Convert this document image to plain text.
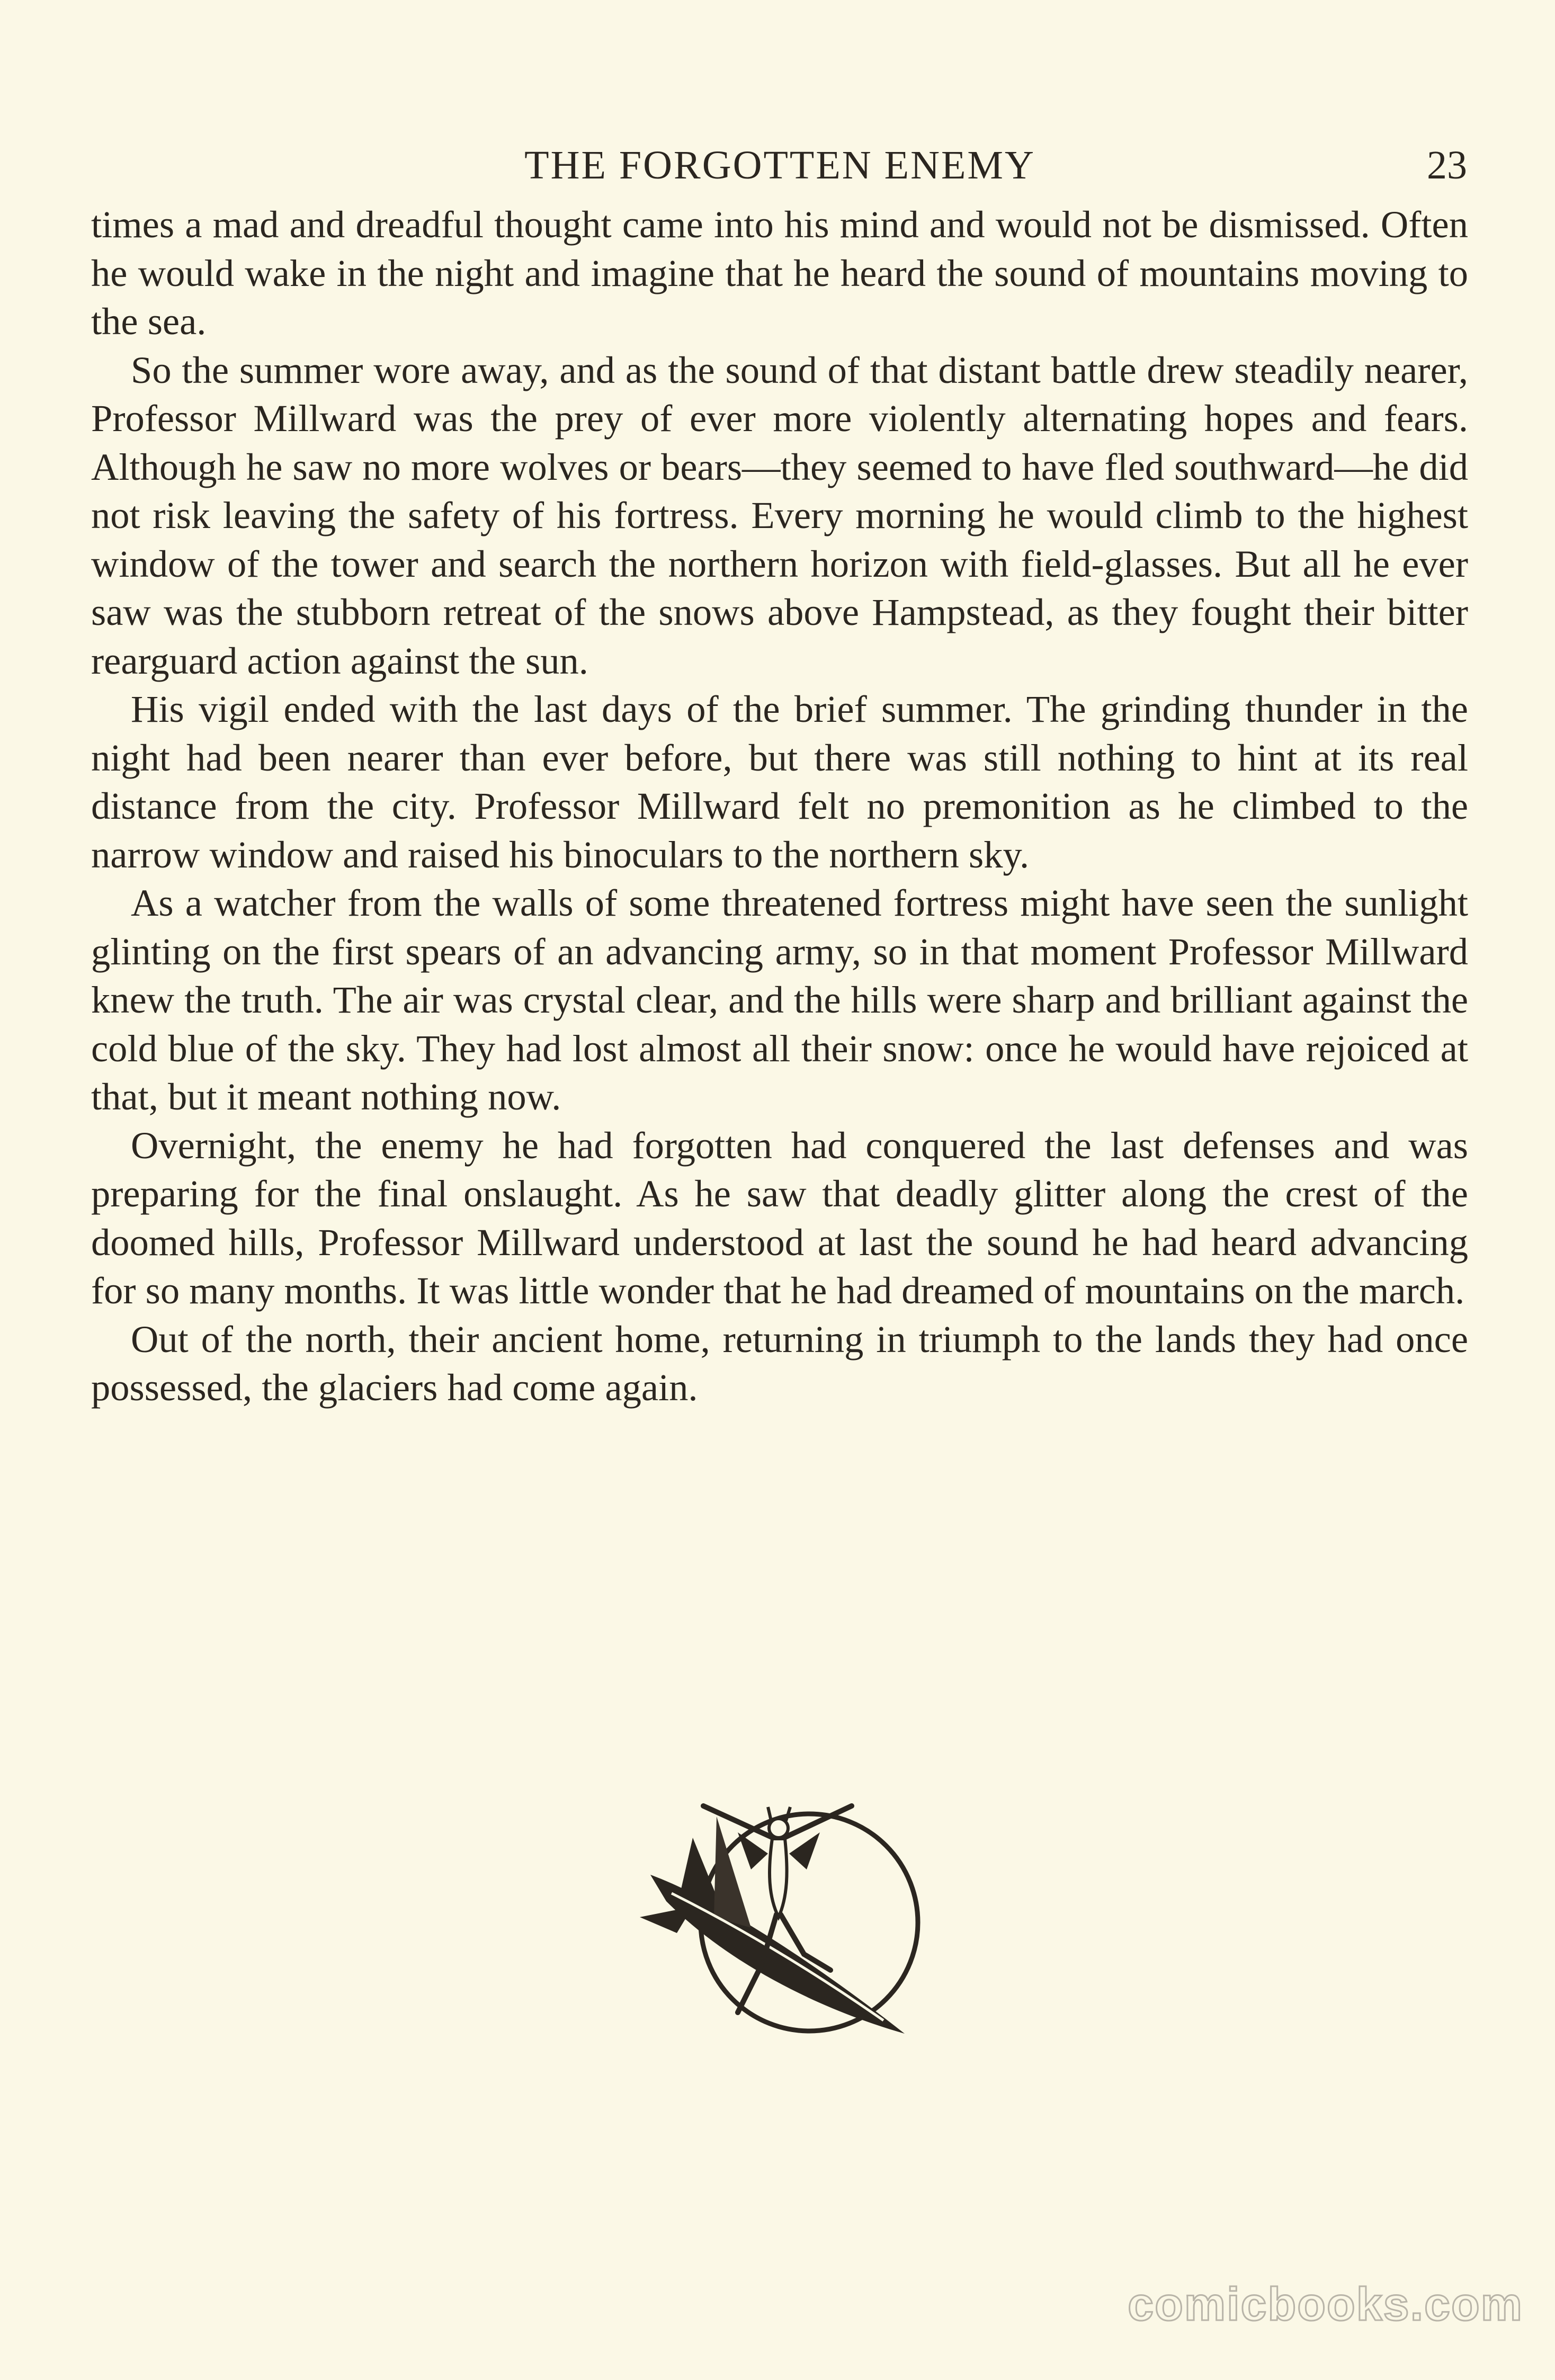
THE FORGOTTEN ENEMY	23

times a mad and dreadful thought came into his mind and would not be dismissed. Often he would wake in the night and imagine that he heard the sound of mountains moving to the sea.

So the summer wore away, and as the sound of that distant battle drew steadily nearer, Professor Millward was the prey of ever more violently alternating hopes and fears. Although he saw no more wolves or bears—they seemed to have fled southward—he did not risk leaving the safety of his fortress. Every morning he would climb to the highest window of the tower and search the northern horizon with field-glasses. But all he ever saw was the stubborn retreat of the snows above Hampstead, as they fought their bitter rearguard action against the sun.

His vigil ended with the last days of the brief summer. The grinding thunder in the night had been nearer than ever before, but there was still nothing to hint at its real distance from the city. Professor Millward felt no premonition as he climbed to the narrow window and raised his binoculars to the northern sky.

As a watcher from the walls of some threatened fortress might have seen the sunlight glinting on the first spears of an advancing army, so in that moment Professor Millward knew the truth. The air was crystal clear, and the hills were sharp and brilliant against the cold blue of the sky. They had lost almost all their snow: once he would have rejoiced at that, but it meant nothing now.

Overnight, the enemy he had forgotten had conquered the last defenses and was preparing for the final onslaught. As he saw that deadly glitter along the crest of the doomed hills, Professor Millward understood at last the sound he had heard advancing for so many months. It was little wonder that he had dreamed of mountains on the march.

Out of the north, their ancient home, returning in triumph to the lands they had once possessed, the glaciers had come again.

comicbooks.com
